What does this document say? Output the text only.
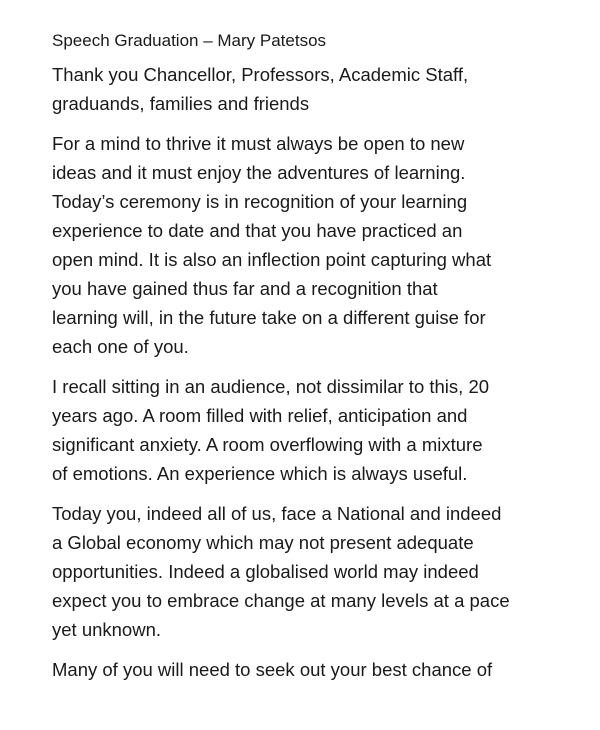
Speech Graduation – Mary Patetsos

Thank you Chancellor, Professors, Academic Staff,
graduands, families and friends

For a mind to thrive it must always be open to new
ideas and it must enjoy the adventures of learning.
Today’s ceremony is in recognition of your learning
experience to date and that you have practiced an
open mind. It is also an inflection point capturing what
you have gained thus far and a recognition that
learning will, in the future take on a different guise for
each one of you.

I recall sitting in an audience, not dissimilar to this, 20
years ago. A room filled with relief, anticipation and
significant anxiety. A room overflowing with a mixture
of emotions. An experience which is always useful.

Today you, indeed all of us, face a National and indeed
a Global economy which may not present adequate
opportunities. Indeed a globalised world may indeed
expect you to embrace change at many levels at a pace
yet unknown.

Many of you will need to seek out your best chance of
